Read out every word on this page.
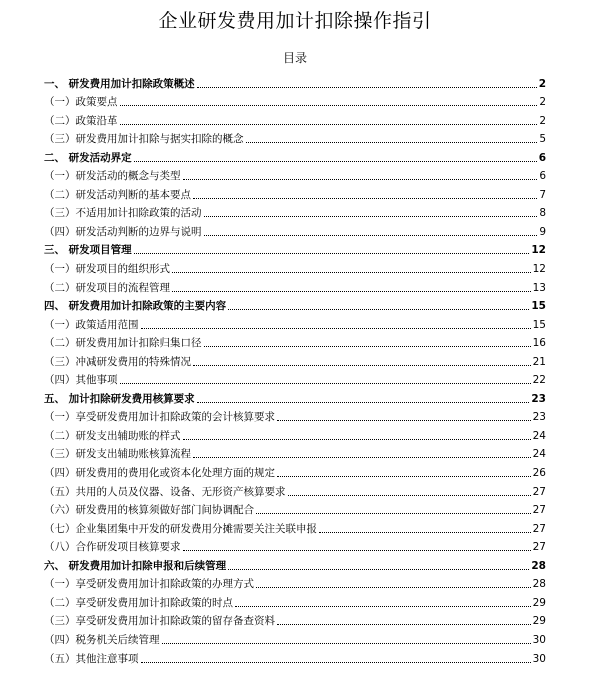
企业研发费用加计扣除操作指引
目录
一、 研发费用加计扣除政策概述	2
（一）政策要点	2
（二）政策沿革	2
（三）研发费用加计扣除与据实扣除的概念	5
二、 研发活动界定	6
（一）研发活动的概念与类型	6
（二）研发活动判断的基本要点	7
（三）不适用加计扣除政策的活动	8
（四）研发活动判断的边界与说明	9
三、 研发项目管理	12
（一）研发项目的组织形式	12
（二）研发项目的流程管理	13
四、 研发费用加计扣除政策的主要内容	15
（一）政策适用范围	15
（二）研发费用加计扣除归集口径	16
（三）冲减研发费用的特殊情况	21
（四）其他事项	22
五、 加计扣除研发费用核算要求	23
（一）享受研发费用加计扣除政策的会计核算要求	23
（二）研发支出辅助账的样式	24
（三）研发支出辅助账核算流程	24
（四）研发费用的费用化或资本化处理方面的规定	26
（五）共用的人员及仪器、设备、无形资产核算要求	27
（六）研发费用的核算须做好部门间协调配合	27
（七）企业集团集中开发的研发费用分摊需要关注关联申报	27
（八）合作研发项目核算要求	27
六、 研发费用加计扣除申报和后续管理	28
（一）享受研发费用加计扣除政策的办理方式	28
（二）享受研发费用加计扣除政策的时点	29
（三）享受研发费用加计扣除政策的留存备查资料	29
（四）税务机关后续管理	30
（五）其他注意事项	30
